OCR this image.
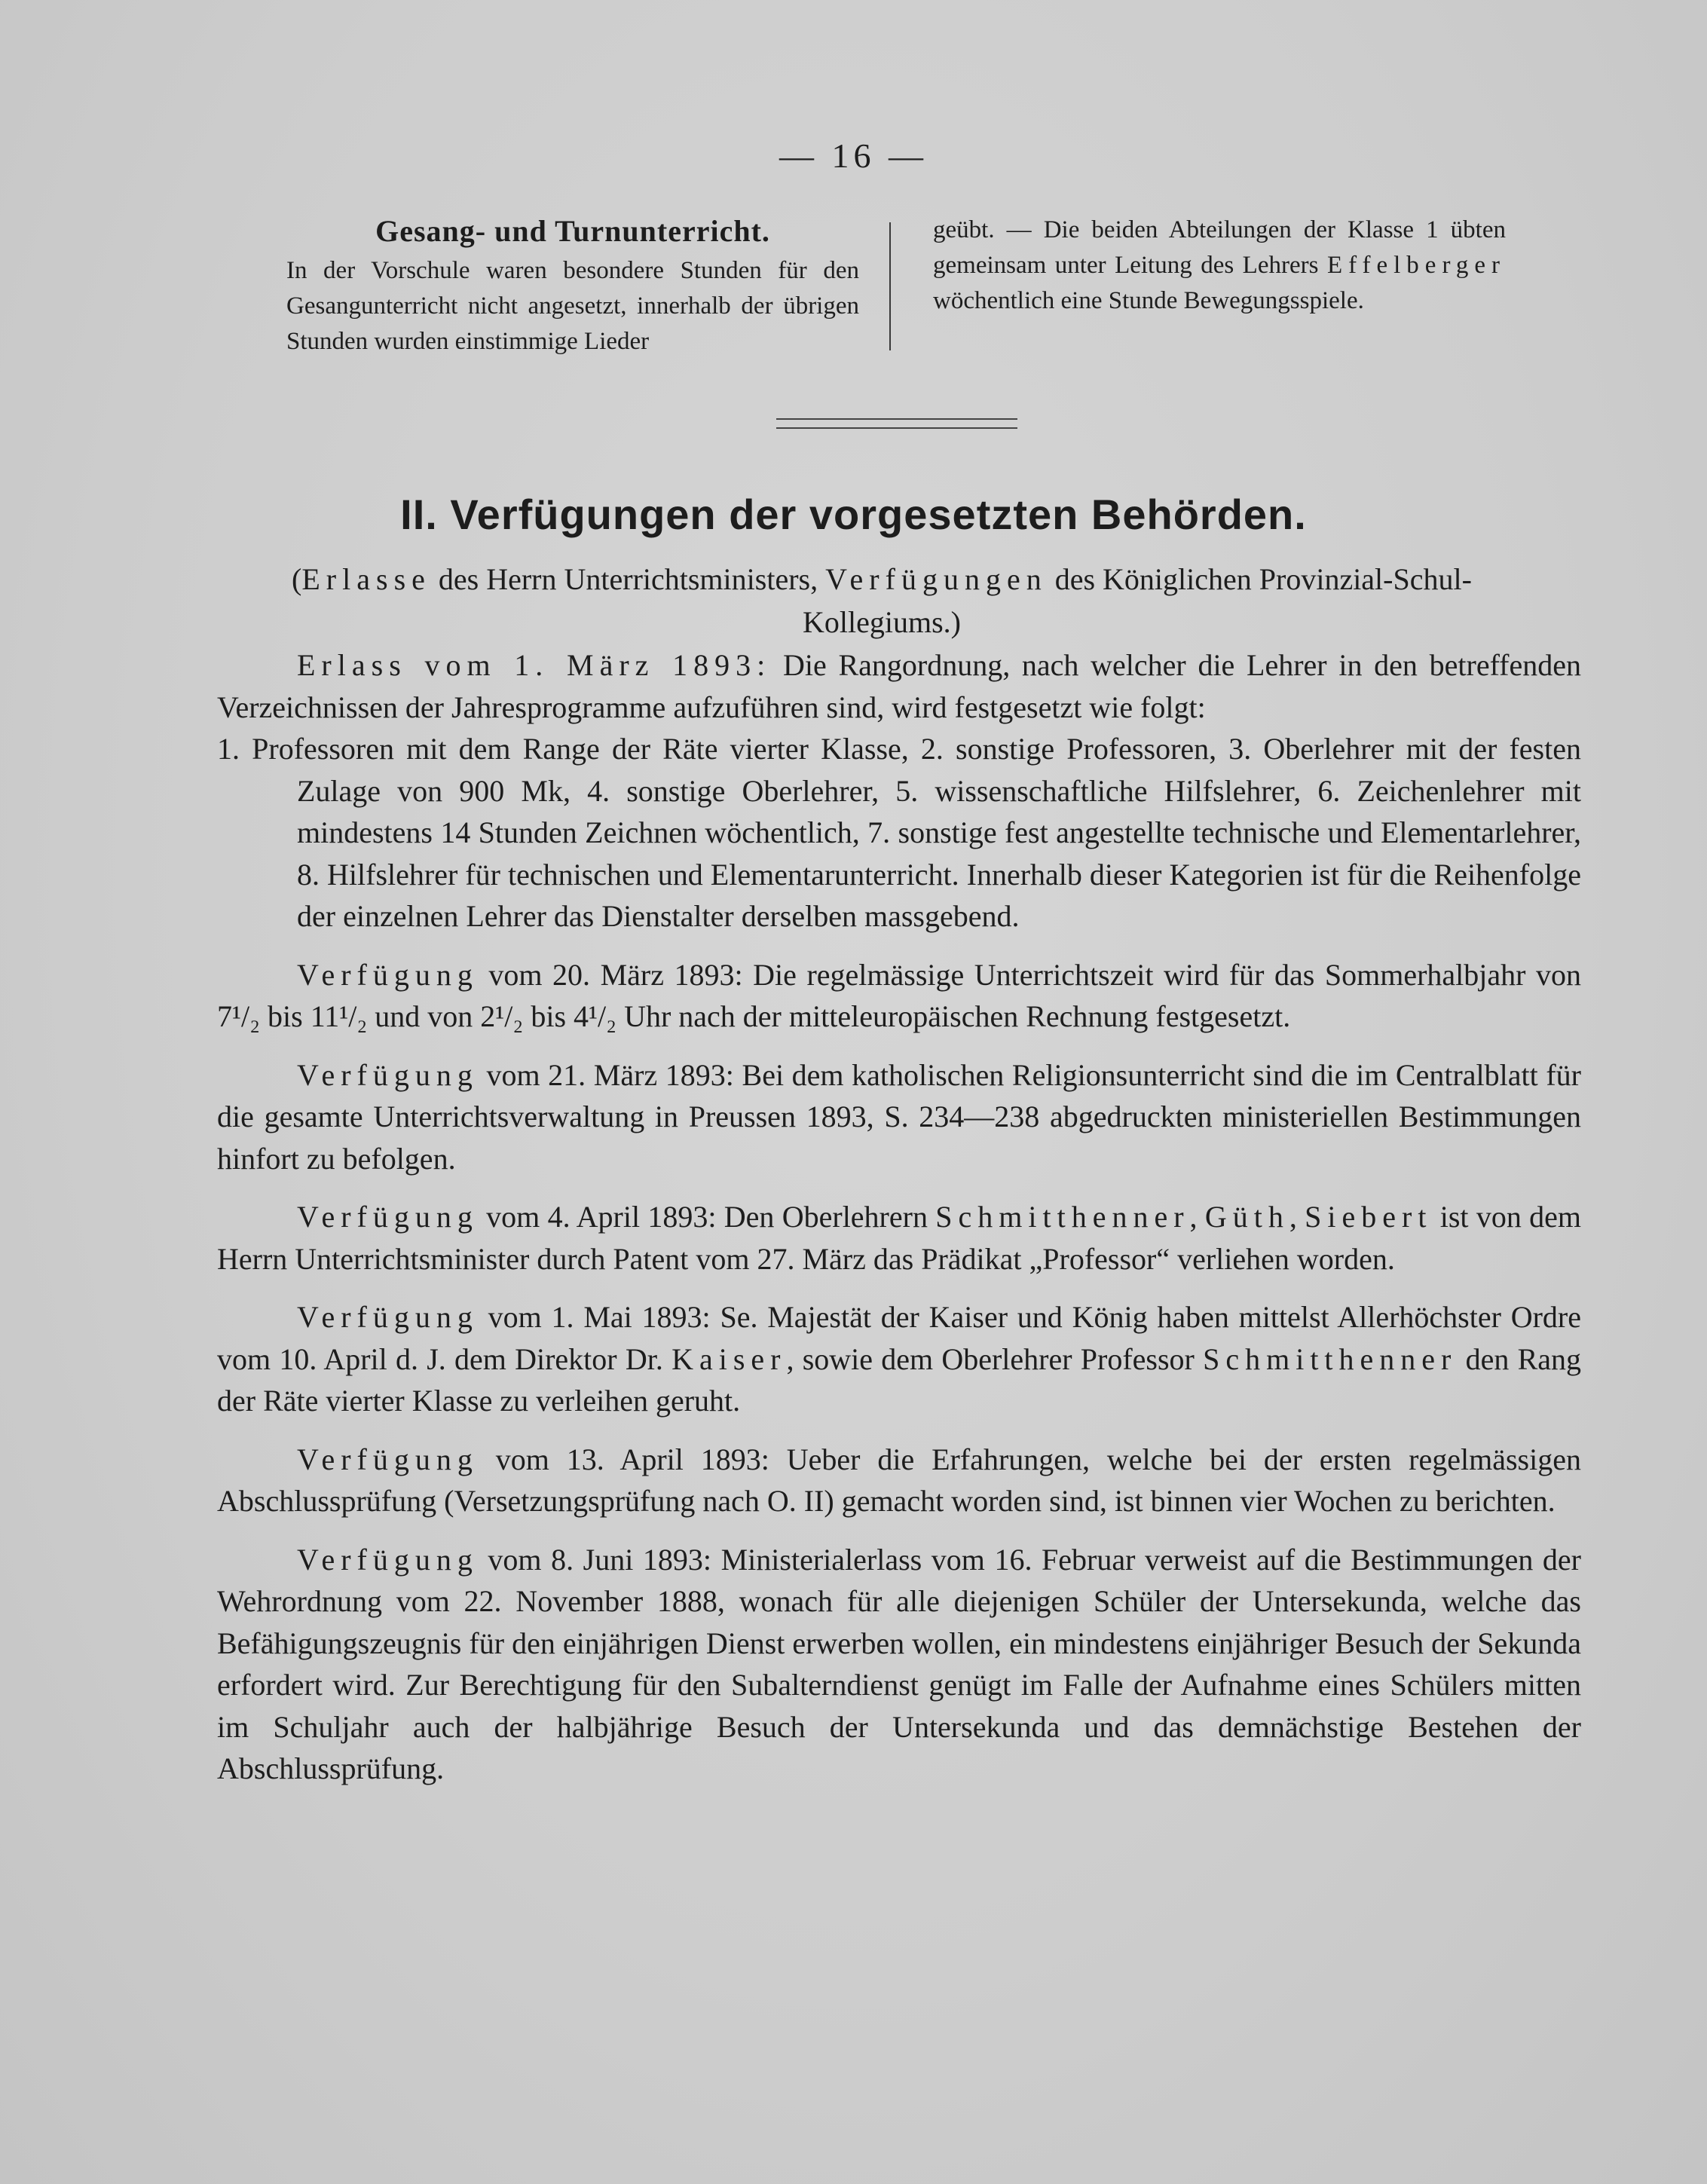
— 16 —
Gesang- und Turnunterricht.

In der Vorschule waren besondere Stunden für den Gesangunterricht nicht angesetzt, innerhalb der übrigen Stunden wurden einstimmige Lieder

geübt. — Die beiden Abteilungen der Klasse 1 übten gemeinsam unter Leitung des Lehrers Effelberger wöchentlich eine Stunde Bewegungsspiele.

II. Verfügungen der vorgesetzten Behörden.
(Erlasse des Herrn Unterrichtsministers, Verfügungen des Königlichen Provinzial-Schul-Kollegiums.)

Erlass vom 1. März 1893: Die Rangordnung, nach welcher die Lehrer in den betreffenden Verzeichnissen der Jahresprogramme aufzuführen sind, wird festgesetzt wie folgt:

1. Professoren mit dem Range der Räte vierter Klasse, 2. sonstige Professoren, 3. Oberlehrer mit der festen Zulage von 900 Mk, 4. sonstige Oberlehrer, 5. wissenschaftliche Hilfslehrer, 6. Zeichenlehrer mit mindestens 14 Stunden Zeichnen wöchentlich, 7. sonstige fest angestellte technische und Elementarlehrer, 8. Hilfslehrer für technischen und Elementarunterricht. Innerhalb dieser Kategorien ist für die Reihenfolge der einzelnen Lehrer das Dienstalter derselben massgebend.

Verfügung vom 20. März 1893: Die regelmässige Unterrichtszeit wird für das Sommerhalbjahr von 7¹/₂ bis 11¹/₂ und von 2¹/₂ bis 4¹/₂ Uhr nach der mitteleuropäischen Rechnung festgesetzt.

Verfügung vom 21. März 1893: Bei dem katholischen Religionsunterricht sind die im Centralblatt für die gesamte Unterrichtsverwaltung in Preussen 1893, S. 234—238 abgedruckten ministeriellen Bestimmungen hinfort zu befolgen.

Verfügung vom 4. April 1893: Den Oberlehrern Schmitthenner, Güth, Siebert ist von dem Herrn Unterrichtsminister durch Patent vom 27. März das Prädikat „Professor“ verliehen worden.

Verfügung vom 1. Mai 1893: Se. Majestät der Kaiser und König haben mittelst Allerhöchster Ordre vom 10. April d. J. dem Direktor Dr. Kaiser, sowie dem Oberlehrer Professor Schmitthenner den Rang der Räte vierter Klasse zu verleihen geruht.

Verfügung vom 13. April 1893: Ueber die Erfahrungen, welche bei der ersten regelmässigen Abschlussprüfung (Versetzungsprüfung nach O. II) gemacht worden sind, ist binnen vier Wochen zu berichten.

Verfügung vom 8. Juni 1893: Ministerialerlass vom 16. Februar verweist auf die Bestimmungen der Wehrordnung vom 22. November 1888, wonach für alle diejenigen Schüler der Untersekunda, welche das Befähigungszeugnis für den einjährigen Dienst erwerben wollen, ein mindestens einjähriger Besuch der Sekunda erfordert wird. Zur Berechtigung für den Subalterndienst genügt im Falle der Aufnahme eines Schülers mitten im Schuljahr auch der halbjährige Besuch der Untersekunda und das demnächstige Bestehen der Abschlussprüfung.
